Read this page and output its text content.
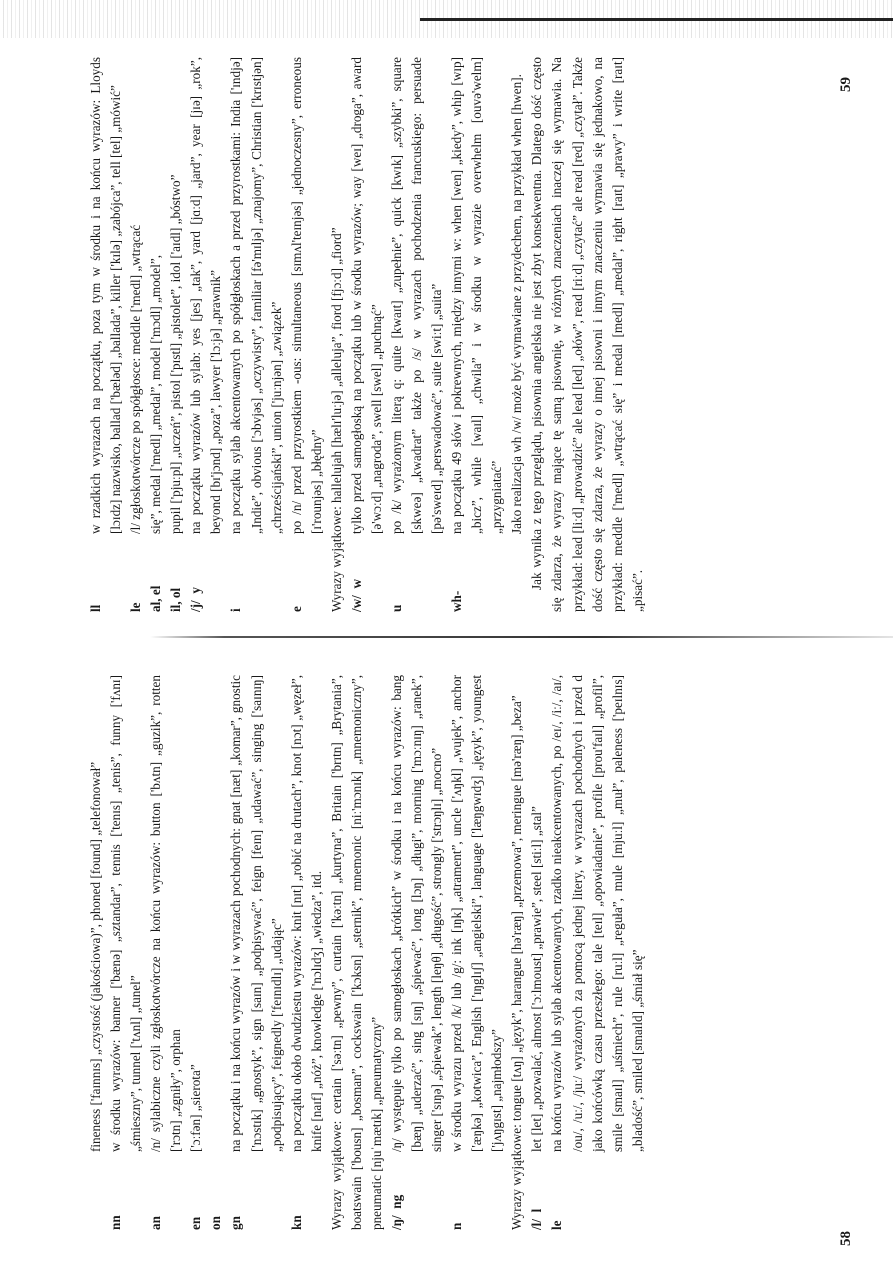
fineness ['faɪnnɪs] „czystość (jakościowa)”, phoned [found] „telefonował”

nn

w środku wyrazów: banner ['bænə] „sztandar”, tennis ['tenɪs] „tenis”, funny ['fʌnɪ] „śmieszny”, tunnel ['tʌnl] „tunel”

an

/n/ sylabiczne czyli zgłoskotwórcze na końcu wyrazów: button ['bʌtn] „guzik”, rotten ['rɔtn] „zgniły”, orphan

en

['ɔːfən] „sierota”

on gn

na początku i na końcu wyrazów i w wyrazach pochodnych: gnat [næt] „komar”, gnostic ['nɔstɪk] „gnostyk”, sign [saɪn] „podpisywać”, feign [feɪn] „udawać”, singing ['saɪnɪŋ] „podpisujący”, feignedly ['feɪnɪdlɪ] „udając”

kn

na początku około dwudziestu wyrazów: knit [nɪt] „robić na drutach”, knot [nɔt] „węzeł”, knife [naɪf] „nóż”, knowledge ['nɔlɪdʒ] „wiedza”, itd. Wyrazy wyjątkowe: certain ['səːtn] „pewny”, curtain ['kəːtn] „kurtyna”, Britain ['brɪtn] „Brytania”, boatswain ['bousn] „bosman”, cockswain ['kɔksn] „sternik”, mnemonic [niː'mɔnɪk] „mnemoniczny”, pneumatic [njuˈmætɪk] „pneumatyczny” /ŋ/  ng

/ŋ/ występuje tylko po samogłoskach „krótkich” w środku i na końcu wyrazów: bang [bæŋ] „uderzać”, sing [sɪŋ] „śpiewać”, long [lɔŋ] „długi”, morning ['mɔːnɪŋ] „ranek”, singer ['sɪŋə] „śpiewak”, length [leŋθ] „długość”, strongly ['strɔŋlɪ] „mocno”

n

w środku wyrazu przed /k/ lub /g/: ink [ɪŋk] „atrament”, uncle ['ʌŋkl] „wujek”, anchor ['æŋkə] „kotwica”, English ['ɪŋglɪʃ] „angielski”, language ['læŋgwɪdʒ] „język”, youngest ['jʌŋgɪst] „najmłodszy” Wyrazy wyjątkowe: tongue [tʌŋ] „język”, harangue [hə'ræŋ] „przemowa”, meringue [mə'ræŋ] „beza” /l/  l

let [let] „pozwalać, almost ['ɔːlmoust] „prawie”, steel [stiːl] „stal”

le

na końcu wyrazów lub sylab akcentowanych, rzadko nieakcentowanych, po /eɪ/, /iː/, /aɪ/, /ou/, /uː/, /juː/ wyrażonych za pomocą jednej litery, w wyrazach pochodnych i przed d jako końcówką czasu przeszłego: tale [teɪl] „opowiadanie”, profile [prou'faɪl] „profil”, smile [smaɪl] „uśmiech”, rule [ruːl] „reguła”, mule [mjuːl] „muł”, paleness ['peɪlnɪs] „bladość”, smiled [smaɪld] „śmiał się”

ll

w rzadkich wyrazach na początku, poza tym w środku i na końcu wyrazów: Lloyds [lɔɪdz] nazwisko, ballad ['bæləd] „ballada”, killer ['kɪlə] „zabójca”, tell [tel] „mówić”

le

/l/ zgłoskotwórcze po spółgłosce: meddle ['medl] „wtrącać

al, el

się”, medal ['medl] „medal”, model ['mɔdl] „model”,

il, ol

pupil ['pjuːpl] „uczeń”, pistol ['pɪstl] „pistolet”, idol ['aɪdl] „bóstwo”

/j/  y

na początku wyrazów lub sylab: yes [jes] „tak”, yard [jɑːd] „jard”, year [jɪə] „rok”, beyond [bɪ'jɔnd] „poza”, lawyer ['lɔːjə] „prawnik”

i

na początku sylab akcentowanych po spółgłoskach a przed przyrostkami: India ['ɪndjə] „Indie”, obvious ['ɔbvjəs] „oczywisty”, familiar [fə'mɪljə] „znajomy”, Christian ['krɪstjən] „chrześcijański”, union ['juːnjən] „związek”

e

po /n/ przed przyrostkiem -ous: simultaneous [sɪmʌl'teɪnjəs] „jednoczesny”, erroneous [ɪ'rounjəs] „błędny” Wyrazy wyjątkowe: hallelujah [hælɪ'luːjə] „alleluja”, fiord [fjɔːd] „fiord” /w/  w

tylko przed samogłoską na początku lub w środku wyrazów; way [weɪ] „droga”, award [ə'wɔːd] „nagroda”, swell [swel] „puchnąć”

u

po /k/ wyrażonym literą q: quite [kwaɪt] „zupełnie”, quick [kwɪk] „szybki”, square [skweə] „kwadrat” także po /s/ w wyrazach pochodzenia francuskiego: persuade [pə'sweɪd] „perswadować”, suite [swiːt] „suita”

wh-

na początku 49 słów i pokrewnych, między innymi w: when [wen] „kiedy”, whip [wɪp] „bicz”, while [waɪl] „chwila” i w środku w wyrazie overwhelm [ouvə'welm] „przygniatać” Jako realizacja wh /w/ może być wymawiane z przydechem, na przykład when [hwen]. Jak wynika z tego przeglądu, pisownia angielska nie jest zbyt konsekwentna. Dlatego dość często się zdarza, że wyrazy mające tę samą pisownię, w różnych znaczeniach inaczej się wymawia. Na przykład: lead [liːd] „prowadzić” ale lead [led] „ołów”, read [riːd] „czytać” ale read [red] „czytał”. Także dość często się zdarza, że wyrazy o innej pisowni i innym znaczeniu wymawia się jednakowo, na przykład: meddle ['medl] „wtrącać się” i medal [medl] „medal”, right [raɪt] „prawy” i write [raɪt] „pisać”.

58
59
